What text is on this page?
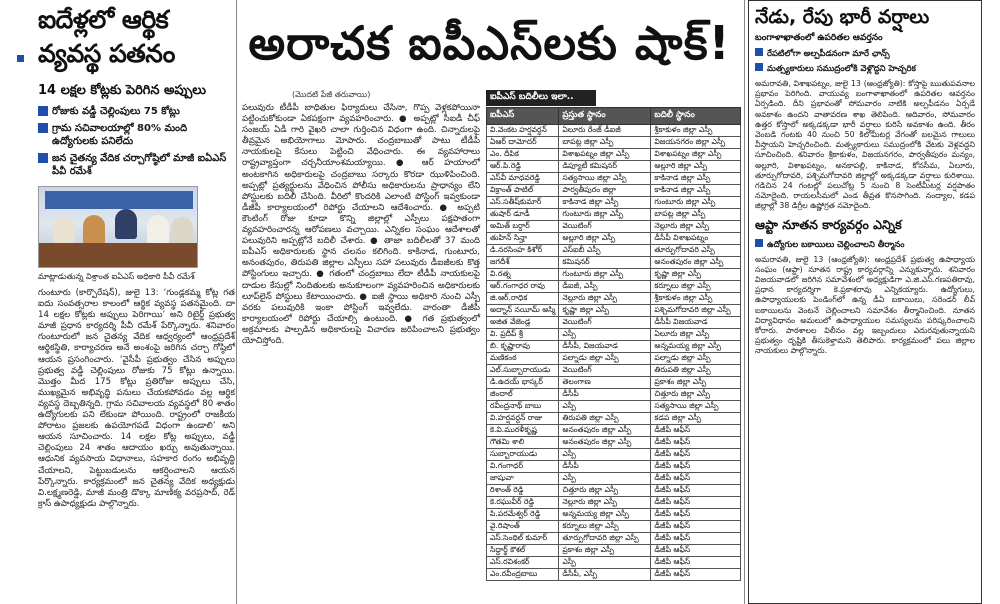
ఐదేళ్లలో ఆర్థిక వ్యవస్థ పతనం
14 లక్షల కోట్లకు పెరిగిన అప్పులు
రోజుకు వడ్డీ చెల్లింపులు 75 కోట్లు
గ్రామ సచివాలయాల్లో 80% మంది ఉద్యోగులకు పనిలేదు
జన చైతన్య వేదిక చర్చాగోష్ఠిలో మాజీ ఐఏఎస్ పీవీ రమేశ్
మాట్లాడుతున్న విశ్రాంత ఐఏఎస్ అధికారి పీవీ రమేశ్
గుంటూరు (కార్పొరేషన్), జులై 13: ‘గుండ్లకమ్మ కోట్ల గత ఐదు సంవత్సరాల కాలంలో ఆర్థిక వ్యవస్థ పతనమైంది. దా 14 లక్షల కోట్లకు అప్పులు పెరిగాయి’ అని రిటైర్డ్ ప్రభుత్వ మాజీ ప్రధాన కార్యదర్శి పీవీ రమేశ్ పేర్కొన్నారు. శనివారం గుంటూరులో జన చైతన్య వేదిక ఆధ్వర్యంలో ఆంధ్రప్రదేశ్ ఆర్థికస్థితి, కార్యాచరణ అనే అంశంపై జరిగిన చర్చా గోష్ఠిలో ఆయన ప్రసంగించారు. ‘వైసీపీ ప్రభుత్వం చేసిన అప్పులు ప్రభుత్వ వడ్డీ చెల్లింపులు రోజుకు 75 కోట్లు ఉన్నాయి. మొత్తం మీద 175 కోట్లు ప్రతిరోజు అప్పులు చేసి, ముఖ్యమైన అభివృద్ధి పనులు చేయకపోవడం వల్ల ఆర్థిక వ్యవస్థ దెబ్బతిన్నది. గ్రామ సచివాలయ వ్యవస్థలో 80 శాతం ఉద్యోగులకు పని లేకుండా పోయింది. రాష్ట్రంలో రాజకీయ పోరాటం ప్రజలకు ఉపయోగపడే విధంగా ఉండాలి’ అని ఆయన సూచించారు. 14 లక్షల కోట్ల అప్పులు, వడ్డీ చెల్లింపులు 24 శాతం ఆదాయం ఖర్చు అవుతున్నాయి. ఆధునిక వ్యవసాయ విధానాలు, సహకార రంగం అభివృద్ధి చేయాలని, పెట్టుబడులను ఆకర్షించాలని ఆయన పేర్కొన్నారు. కార్యక్రమంలో జన చైతన్య వేదిక అధ్యక్షుడు వి.లక్ష్మణరెడ్డి, మాజీ మంత్రి డొక్కా మాణిక్య వరప్రసాద్, రెడ్ క్రాస్ ఉపాధ్యక్షుడు పాల్గొన్నారు.
అరాచక ఐపీఎస్‌లకు షాక్!
(మొదటి పేజీ తరువాయి)
పలువురు టీడీపీ బాధితుల ఫిర్యాదులు చేసినా, గొప్ప వెళ్లకపోయినా పట్టించుకోకుండా ఏకపక్షంగా వ్యవహరించారు. ● అప్పట్లో సీఐడీ చీఫ్ సంజయ్ ఏడీ గారి వైఖరి చాలా గుర్తించిన విధంగా ఉంది. చిన్నారులపై తీవ్రమైన అభియోగాలు మోపారు. చంద్రబాబుతో పాటు టీడీపీ నాయకులపై కేసులు పెట్టించి వేధించారు. ఈ వ్యవహారాలు రాష్ట్రవ్యాప్తంగా చర్చనీయాంశమయ్యాయి. ● ఆర్ హయాంలో అంటకాగిన అధికారులపై చంద్రబాబు సర్కారు కొరడా ఝుళిపించింది. అప్పట్లో ప్రత్యర్థులను వేధించిన పోలీసు అధికారులను ప్రాధాన్యం లేని పోస్టులకు బదిలీ చేసింది. వీరిలో కొందరికి ఎలాంటి పోస్టింగ్ ఇవ్వకుండా డీజీపీ కార్యాలయంలో రిపోర్టు చేయాలని ఆదేశించారు. ● అప్పటి కౌంటింగ్ రోజు కూడా కొన్ని జిల్లాల్లో ఎస్పీలు పక్షపాతంగా వ్యవహరించారన్న ఆరోపణలు వచ్చాయి. ఎన్నికల సంఘం ఆదేశాలతో పలువురిని అప్పట్లోనే బదిలీ చేశారు. ● తాజా బదిలీలతో 37 మంది ఐపీఎస్ అధికారులకు స్థాన చలనం కలిగింది. కాకినాడ, గుంటూరు, అనంతపురం, తిరుపతి జిల్లాల ఎస్పీలు సహా పలువురు డీఐజీలకు కొత్త పోస్టింగులు ఇచ్చారు. ● గతంలో చంద్రబాబు లేదా టీడీపీ నాయకులపై దాడుల కేసుల్లో నిందితులకు అనుకూలంగా వ్యవహరించిన అధికారులకు లూప్‌లైన్ పోస్టులు కేటాయించారు. ● ఐజీ స్థాయి అధికారి నుంచి ఎస్పీ వరకు పలువురికి ఇంకా పోస్టింగ్ ఇవ్వలేదు. వారంతా డీజీపీ కార్యాలయంలో రిపోర్టు చేయాల్సి ఉంటుంది. ● గత ప్రభుత్వంలో అక్రమాలకు పాల్పడిన అధికారులపై విచారణ జరిపించాలని ప్రభుత్వం యోచిస్తోంది.
ఐపీఎస్ బదిలీలు ఇలా..
ఐపీఎస్	ప్రస్తుత స్థానం	బదిలీ స్థానం
వి.వెంకట హర్షవర్ధన్	ఏలూరు రేంజ్ డీఐజీ	శ్రీకాకుళం జిల్లా ఎస్పీ
ఏఆర్ దామోదర్	బాపట్ల జిల్లా ఎస్పీ	విజయనగరం జిల్లా ఎస్పీ
ఎం. దీపిక	విశాఖపట్నం జిల్లా ఎస్పీ	విశాఖపట్నం జిల్లా ఎస్పీ
ఆర్.పి.రెడ్డి	డిప్యూటీ కమిషనర్	అల్లూరి జిల్లా ఎస్పీ
ఎస్‌వీ మాధవరెడ్డి	సత్యసాయి జిల్లా ఎస్పీ	కాకినాడ జిల్లా ఎస్పీ
విక్రాంత్ పాటిల్	పార్వతీపురం జిల్లా	కాకినాడ జిల్లా ఎస్పీ
ఎస్.సతీష్‌కుమార్	కాకినాడ జిల్లా ఎస్పీ	గుంటూరు జిల్లా ఎస్పీ
తుషార్ డూడీ	గుంటూరు జిల్లా ఎస్పీ	బాపట్ల జిల్లా ఎస్పీ
అమిత్ బర్దార్	వెయిటింగ్	నెల్లూరు జిల్లా ఎస్పీ
తుహిన్ సిన్హా	అల్లూరి జిల్లా ఎస్పీ	డీసీపీ విశాఖపట్నం
డి.నరసింహ కిశోర్	ఎస్ఐబీ ఎస్పీ	తూర్పుగోదావరి ఎస్పీ
జగదీశ్	కమిషనర్	అనంతపురం జిల్లా ఎస్పీ
వి.రత్న	గుంటూరు జిల్లా ఎస్పీ	కృష్ణా జిల్లా ఎస్పీ
ఆర్.గంగాధర రావు	డీఐజీ, ఎస్పీ	కర్నూలు జిల్లా ఎస్పీ
జి.ఆర్.రాధిక	నెల్లూరు జిల్లా ఎస్పీ	శ్రీకాకుళం జిల్లా ఎస్పీ
అద్నాన్ నయీమ్ అస్మి	కృష్ణా జిల్లా ఎస్పీ	పశ్చిమగోదావరి జిల్లా ఎస్పీ
అజిత వేజెండ్ల	వెయిటింగ్	డీసీపీ విజయవాడ
వి. ప్రదీప్ శ్రీ	ఎస్పీ	ఏలూరు జిల్లా ఎస్పీ
బి. కృష్ణారావు	డీసీపీ, విజయవాడ	అన్నమయ్య జిల్లా ఎస్పీ
మణికంఠ	పల్నాడు జిల్లా ఎస్పీ	పల్నాడు జిల్లా ఎస్పీ
ఎల్.సుబ్బారాయుడు	వెయిటింగ్	తిరుపతి జిల్లా ఎస్పీ
డి.ఉదయ్ భాస్కర్	తెలంగాణ	ప్రకాశం జిల్లా ఎస్పీ
జిందాల్	డీసీపీ	చిత్తూరు జిల్లా ఎస్పీ
రవీంద్రనాథ్ బాబు	ఎస్పీ	సత్యసాయి జిల్లా ఎస్పీ
వి.హర్షవర్ధన్ రాజు	తిరుపతి జిల్లా ఎస్పీ	కడప జిల్లా ఎస్పీ
కె.వి.మురళీకృష్ణ	అనంతపురం జిల్లా ఎస్పీ	డీజీపీ ఆఫీస్
గౌతమి శాలి	అనంతపురం జిల్లా ఎస్పీ	డీజీపీ ఆఫీస్
సుబ్బారాయుడు	ఎస్పీ	డీజీపీ ఆఫీస్
వి.గంగాధర్	డీసీపీ	డీజీపీ ఆఫీస్
జాషువా	ఎస్పీ	డీజీపీ ఆఫీస్
రిశాంత్ రెడ్డి	చిత్తూరు జిల్లా ఎస్పీ	డీజీపీ ఆఫీస్
కె.రఘువీర్ రెడ్డి	నెల్లూరు జిల్లా ఎస్పీ	డీజీపీ ఆఫీస్
పి.పరమేశ్వర్ రెడ్డి	అన్నమయ్య జిల్లా ఎస్పీ	డీజీపీ ఆఫీస్
వై.రిషాంత్	కర్నూలు జిల్లా ఎస్పీ	డీజీపీ ఆఫీస్
ఎస్.సెంథిల్ కుమార్	తూర్పుగోదావరి జిల్లా ఎస్పీ	డీజీపీ ఆఫీస్
సిద్ధార్థ్ కౌశల్	ప్రకాశం జిల్లా ఎస్పీ	డీజీపీ ఆఫీస్
ఎస్.రవిశంకర్	ఎస్పీ	డీజీపీ ఆఫీస్
ఎం.రవీంద్రబాబు	డీసీపీ, ఎస్పీ	డీజీపీ ఆఫీస్
నేడు, రేపు భారీ వర్షాలు
బంగాళాఖాతంలో ఉపరితల ఆవర్తనం
రేపటిలోగా అల్పపీడనంగా మారే ఛాన్స్
మత్స్యకారులు సముద్రంలోకి వెళ్లొద్దని హెచ్చరిక
అమరావతి, విశాఖపట్నం, జులై 13 (ఆంధ్రజ్యోతి): కోస్తాపై ఋతుపవనాల ప్రభావం పెరిగింది. వాయువ్య బంగాళాఖాతంలో ఉపరితల ఆవర్తనం ఏర్పడింది. దీని ప్రభావంతో సోమవారం నాటికి అల్పపీడనం ఏర్పడే అవకాశం ఉందని వాతావరణ శాఖ తెలిపింది. ఆదివారం, సోమవారం ఉత్తర కోస్తాలో అక్కడక్కడా భారీ వర్షాలు కురిసే అవకాశం ఉంది. తీరం వెంబడి గంటకు 40 నుంచి 50 కిలోమీటర్ల వేగంతో బలమైన గాలులు వీస్తాయని హెచ్చరించింది. మత్స్యకారులు సముద్రంలోకి వేటకు వెళ్లవద్దని సూచించింది. శనివారం శ్రీకాకుళం, విజయనగరం, పార్వతీపురం మన్యం, అల్లూరి, విశాఖపట్నం, అనకాపల్లి, కాకినాడ, కోనసీమ, ఏలూరు, తూర్పుగోదావరి, పశ్చిమగోదావరి జిల్లాల్లో అక్కడక్కడా వర్షాలు కురిశాయి. గడిచిన 24 గంటల్లో పలుచోట్ల 5 నుంచి 8 సెంటీమీటర్ల వర్షపాతం నమోదైంది. రాయలసీమలో ఎండ తీవ్రత కొనసాగింది. నంద్యాల, కడప జిల్లాల్లో 38 డిగ్రీల ఉష్ణోగ్రత నమోదైంది.
ఆప్టా నూతన కార్యవర్గం ఎన్నిక
ఉద్యోగుల బకాయిలు చెల్లించాలని తీర్మానం
అమరావతి, జులై 13 (ఆంధ్రజ్యోతి): ఆంధ్రప్రదేశ్ ప్రభుత్వ ఉపాధ్యాయ సంఘం (ఆప్టా) నూతన రాష్ట్ర కార్యవర్గాన్ని ఎన్నుకున్నారు. శనివారం విజయవాడలో జరిగిన సమావేశంలో అధ్యక్షుడిగా ఎ.జి.ఎస్.గణపతిరావు, ప్రధాన కార్యదర్శిగా కె.ప్రకాశరావు ఎన్నికయ్యారు. ఉద్యోగులు, ఉపాధ్యాయులకు పెండింగ్‌లో ఉన్న డీఏ బకాయిలు, సరెండర్ లీవ్ బకాయిలను వెంటనే చెల్లించాలని సమావేశం తీర్మానించింది. నూతన విద్యావిధానం అమలులో ఉపాధ్యాయుల సమస్యలను పరిష్కరించాలని కోరారు. పాఠశాలల విలీనం వల్ల ఇబ్బందులు ఎదురవుతున్నాయని ప్రభుత్వం దృష్టికి తీసుకెళ్తామని తెలిపారు. కార్యక్రమంలో పలు జిల్లాల నాయకులు పాల్గొన్నారు.
